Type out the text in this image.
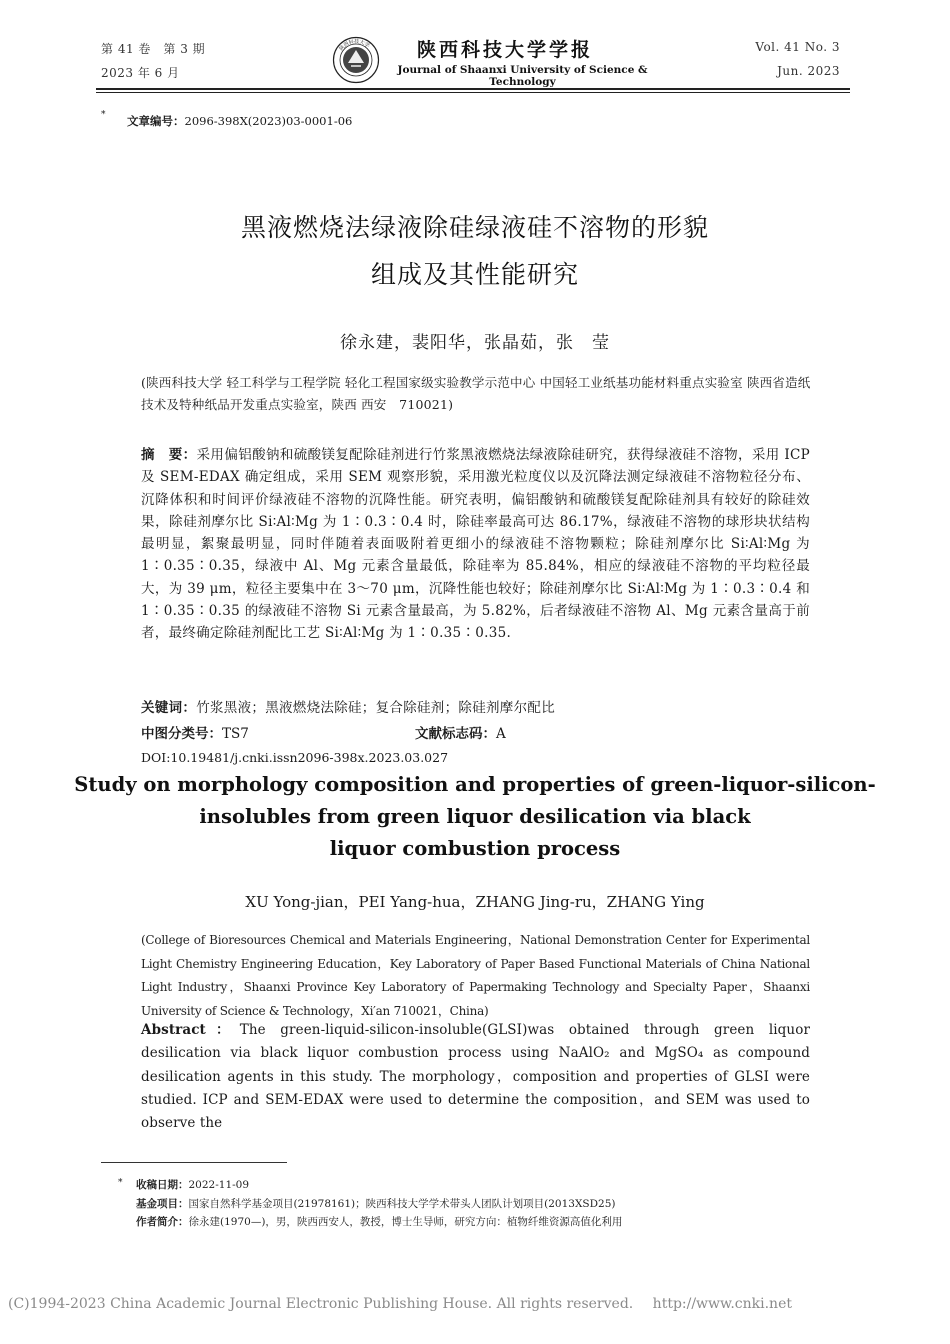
第 41 卷　第 3 期
2023 年 6 月
陕西科技大学	陕西科技大学学报
Journal of Shaanxi University of Science & Technology
Vol. 41 No. 3
Jun. 2023
* 文章编号：2096-398X(2023)03-0001-06
黑液燃烧法绿液除硅绿液硅不溶物的形貌
组成及其性能研究
徐永建，裴阳华，张晶茹，张　莹
(陕西科技大学 轻工科学与工程学院 轻化工程国家级实验教学示范中心 中国轻工业纸基功能材料重点实验室 陕西省造纸技术及特种纸品开发重点实验室，陕西 西安　710021)
摘　要：采用偏铝酸钠和硫酸镁复配除硅剂进行竹浆黑液燃烧法绿液除硅研究，获得绿液硅不溶物，采用 ICP 及 SEM-EDAX 确定组成，采用 SEM 观察形貌，采用激光粒度仪以及沉降法测定绿液硅不溶物粒径分布、沉降体积和时间评价绿液硅不溶物的沉降性能。研究表明，偏铝酸钠和硫酸镁复配除硅剂具有较好的除硅效果，除硅剂摩尔比 Si∶Al∶Mg 为 1∶0.3∶0.4 时，除硅率最高可达 86.17%，绿液硅不溶物的球形块状结构最明显，絮聚最明显，同时伴随着表面吸附着更细小的绿液硅不溶物颗粒；除硅剂摩尔比 Si∶Al∶Mg 为 1∶0.35∶0.35，绿液中 Al、Mg 元素含量最低，除硅率为 85.84%，相应的绿液硅不溶物的平均粒径最大，为 39 μm，粒径主要集中在 3～70 μm，沉降性能也较好；除硅剂摩尔比 Si∶Al∶Mg 为 1∶0.3∶0.4 和 1∶0.35∶0.35 的绿液硅不溶物 Si 元素含量最高，为 5.82%，后者绿液硅不溶物 Al、Mg 元素含量高于前者，最终确定除硅剂配比工艺 Si∶Al∶Mg 为 1∶0.35∶0.35.
关键词：竹浆黑液；黑液燃烧法除硅；复合除硅剂；除硅剂摩尔配比
中图分类号：TS7	文献标志码：A
DOI:10.19481/j.cnki.issn2096-398x.2023.03.027
Study on morphology composition and properties of green-liquor-silicon-
insolubles from green liquor desilication via black
liquor combustion process
XU Yong-jian，PEI Yang-hua，ZHANG Jing-ru，ZHANG Ying
(College of Bioresources Chemical and Materials Engineering，National Demonstration Center for Experimental Light Chemistry Engineering Education，Key Laboratory of Paper Based Functional Materials of China National Light Industry，Shaanxi Province Key Laboratory of Papermaking Technology and Specialty Paper，Shaanxi University of Science & Technology，Xi′an 710021，China)
Abstract：The green-liquid-silicon-insoluble(GLSI)was obtained through green liquor desilication via black liquor combustion process using NaAlO₂ and MgSO₄ as compound desilication agents in this study. The morphology，composition and properties of GLSI were studied. ICP and SEM-EDAX were used to determine the composition，and SEM was used to observe the
* 收稿日期：2022-11-09
基金项目：国家自然科学基金项目(21978161)；陕西科技大学学术带头人团队计划项目(2013XSD25)
作者简介：徐永建(1970—)，男，陕西西安人，教授，博士生导师，研究方向：植物纤维资源高值化利用
(C)1994-2023 China Academic Journal Electronic Publishing House. All rights reserved. http://www.cnki.net
